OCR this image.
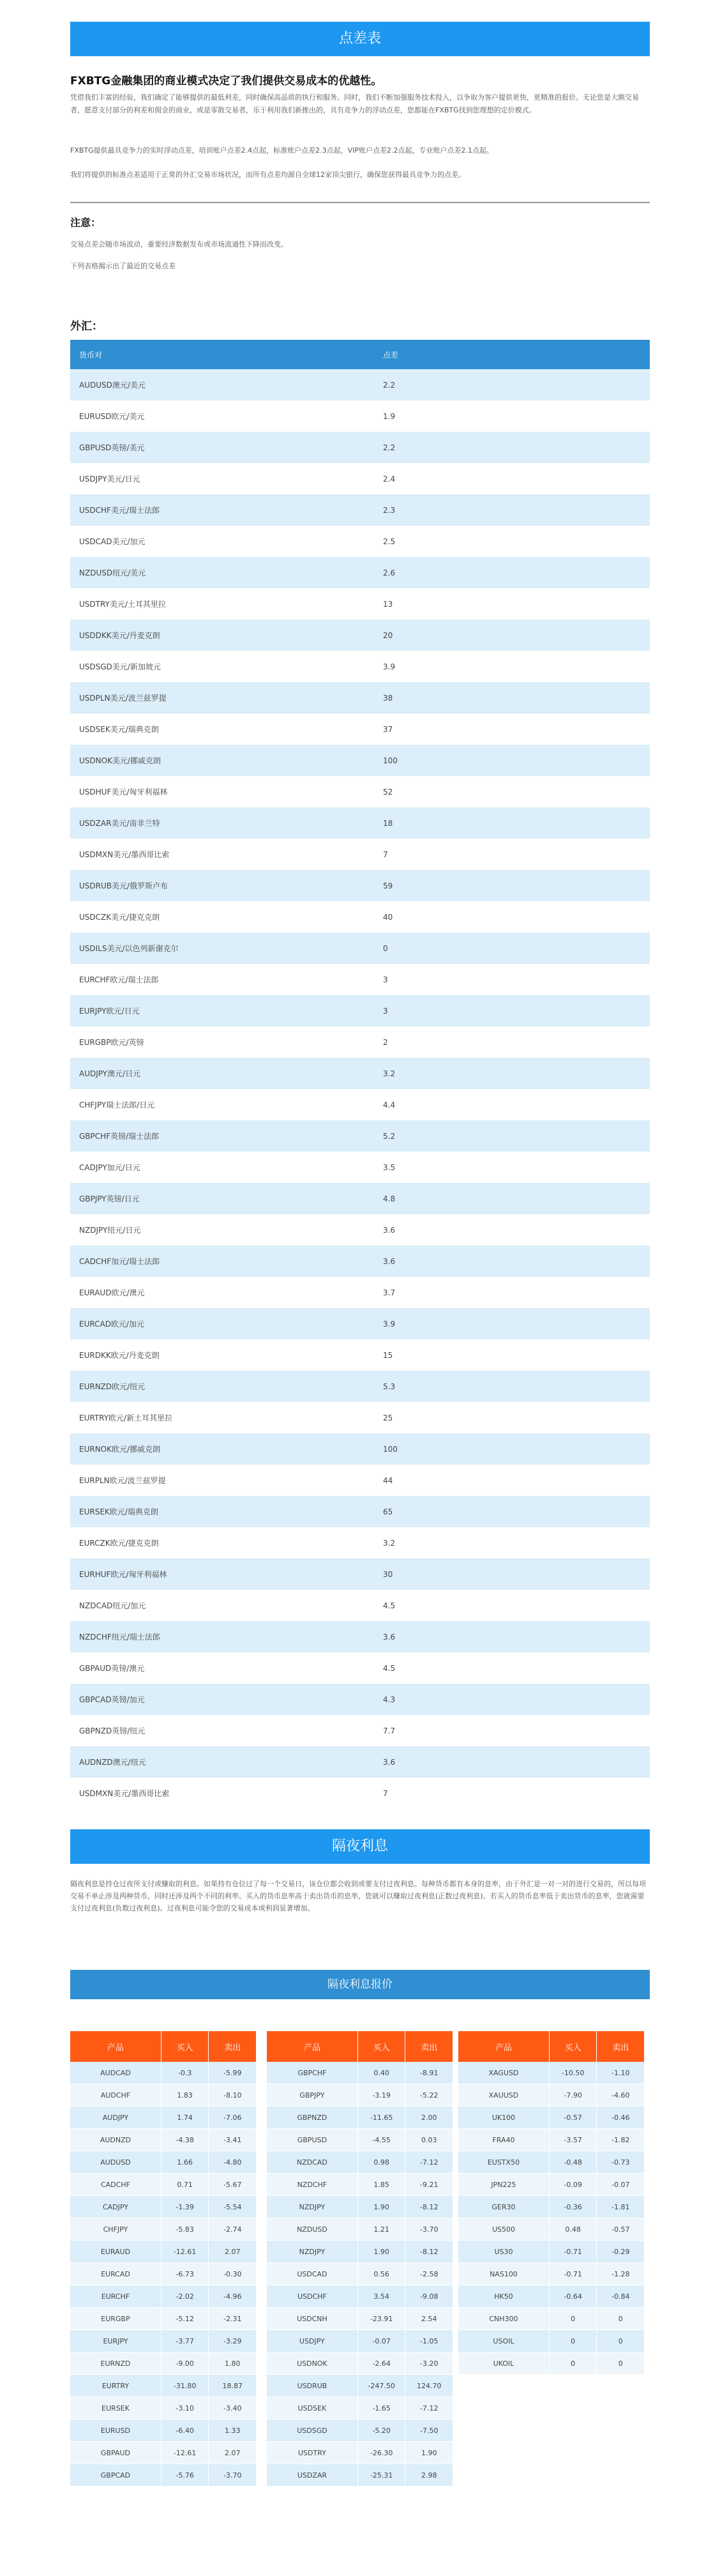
点差表

FXBTG金融集团的商业模式决定了我们提供交易成本的优越性。

凭借我们丰富的经验，我们确定了能够提供的最低利差，同时确保高品质的执行和服务。同时，我们不断加强服务技术投入，以争取为客户提供更快，更精准的报价。无论您是大额交易者，愿意支付部分的利差和佣金的商业，或是零散交易者，乐于利用我们新推出的，具有竞争力的浮动点差，您都能在FXBTG找到您理想的定价模式。

FXBTG提供最具竞争力的实时浮动点差，培训账户点差2.4点起，标准账户点差2.3点起，VIP账户点差2.2点起，专业账户点差2.1点起。

我们将提供的标准点差适用于正常的外汇交易市场状况，而所有点差均源自全球12家顶尖银行，确保您获得最具竞争力的点差。

注意：

交易点差会随市场波动，重要经济数据发布或市场流通性下降而改变。

下列表格揭示出了最近的交易点差

外汇：

货币对	点差
AUDUSD澳元/美元	2.2
EURUSD欧元/美元	1.9
GBPUSD英镑/美元	2.2
USDJPY美元/日元	2.4
USDCHF美元/瑞士法郎	2.3
USDCAD美元/加元	2.5
NZDUSD纽元/美元	2.6
USDTRY美元/土耳其里拉	13
USDDKK美元/丹麦克朗	20
USDSGD美元/新加坡元	3.9
USDPLN美元/波兰兹罗提	38
USDSEK美元/瑞典克朗	37
USDNOK美元/挪威克朗	100
USDHUF美元/匈牙利福林	52
USDZAR美元/南非兰特	18
USDMXN美元/墨西哥比索	7
USDRUB美元/俄罗斯卢布	59
USDCZK美元/捷克克朗	40
USDILS美元/以色列新谢克尔	0
EURCHF欧元/瑞士法郎	3
EURJPY欧元/日元	3
EURGBP欧元/英镑	2
AUDJPY澳元/日元	3.2
CHFJPY瑞士法郎/日元	4.4
GBPCHF英镑/瑞士法郎	5.2
CADJPY加元/日元	3.5
GBPJPY英镑/日元	4.8
NZDJPY纽元/日元	3.6
CADCHF加元/瑞士法郎	3.6
EURAUD欧元/澳元	3.7
EURCAD欧元/加元	3.9
EURDKK欧元/丹麦克朗	15
EURNZD欧元/纽元	5.3
EURTRY欧元/新土耳其里拉	25
EURNOK欧元/挪威克朗	100
EURPLN欧元/波兰兹罗提	44
EURSEK欧元/瑞典克朗	65
EURCZK欧元/捷克克朗	3.2
EURHUF欧元/匈牙利福林	30
NZDCAD纽元/加元	4.5
NZDCHF纽元/瑞士法郎	3.6
GBPAUD英镑/澳元	4.5
GBPCAD英镑/加元	4.3
GBPNZD英镑/纽元	7.7
AUDNZD澳元/纽元	3.6
USDMXN美元/墨西哥比索	7
隔夜利息

隔夜利息是持仓过夜所支付或赚取的利息。如果持有仓位过了每一个交易日，该仓位都会收到或要支付过夜利息。每种货币都有本身的息率，由于外汇是一对一对的进行交易的，所以每项交易不单止涉及两种货币，同时还涉及两个不同的利率。买入的货币息率高于卖出货币的息率，您就可以赚取过夜利息(正数过夜利息)。若买入的货币息率低于卖出货币的息率，您就需要支付过夜利息(负数过夜利息)。过夜利息可能令您的交易成本或利润显著增加。

隔夜利息报价
产品	买入	卖出
AUDCAD	-0.3	-5.99
AUDCHF	1.83	-8.10
AUDJPY	1.74	-7.06
AUDNZD	-4.38	-3.41
AUDUSD	1.66	-4.80
CADCHF	0.71	-5.67
CADJPY	-1.39	-5.54
CHFJPY	-5.83	-2.74
EURAUD	-12.61	2.07
EURCAD	-6.73	-0.30
EURCHF	-2.02	-4.96
EURGBP	-5.12	-2.31
EURJPY	-3.77	-3.29
EURNZD	-9.00	1.80
EURTRY	-31.80	18.87
EURSEK	-3.10	-3.40
EURUSD	-6.40	1.33
GBPAUD	-12.61	2.07
GBPCAD	-5.76	-3.70
产品	买入	卖出
GBPCHF	0.40	-8.91
GBPJPY	-3.19	-5.22
GBPNZD	-11.65	2.00
GBPUSD	-4.55	0.03
NZDCAD	0.98	-7.12
NZDCHF	1.85	-9.21
NZDJPY	1.90	-8.12
NZDUSD	1.21	-3.70
NZDJPY	1.90	-8.12
USDCAD	0.56	-2.58
USDCHF	3.54	-9.08
USDCNH	-23.91	2.54
USDJPY	-0.07	-1.05
USDNOK	-2.64	-3.20
USDRUB	-247.50	124.70
USDSEK	-1.65	-7.12
USDSGD	-5.20	-7.50
USDTRY	-26.30	1.90
USDZAR	-25.31	2.98
产品	买入	卖出
XAGUSD	-10.50	-1.10
XAUUSD	-7.90	-4.60
UK100	-0.57	-0.46
FRA40	-3.57	-1.82
EUSTX50	-0.48	-0.73
JPN225	-0.09	-0.07
GER30	-0.36	-1.81
US500	0.48	-0.57
US30	-0.71	-0.29
NAS100	-0.71	-1.28
HK50	-0.64	-0.84
CNH300	0	0
USOIL	0	0
UKOIL	0	0
